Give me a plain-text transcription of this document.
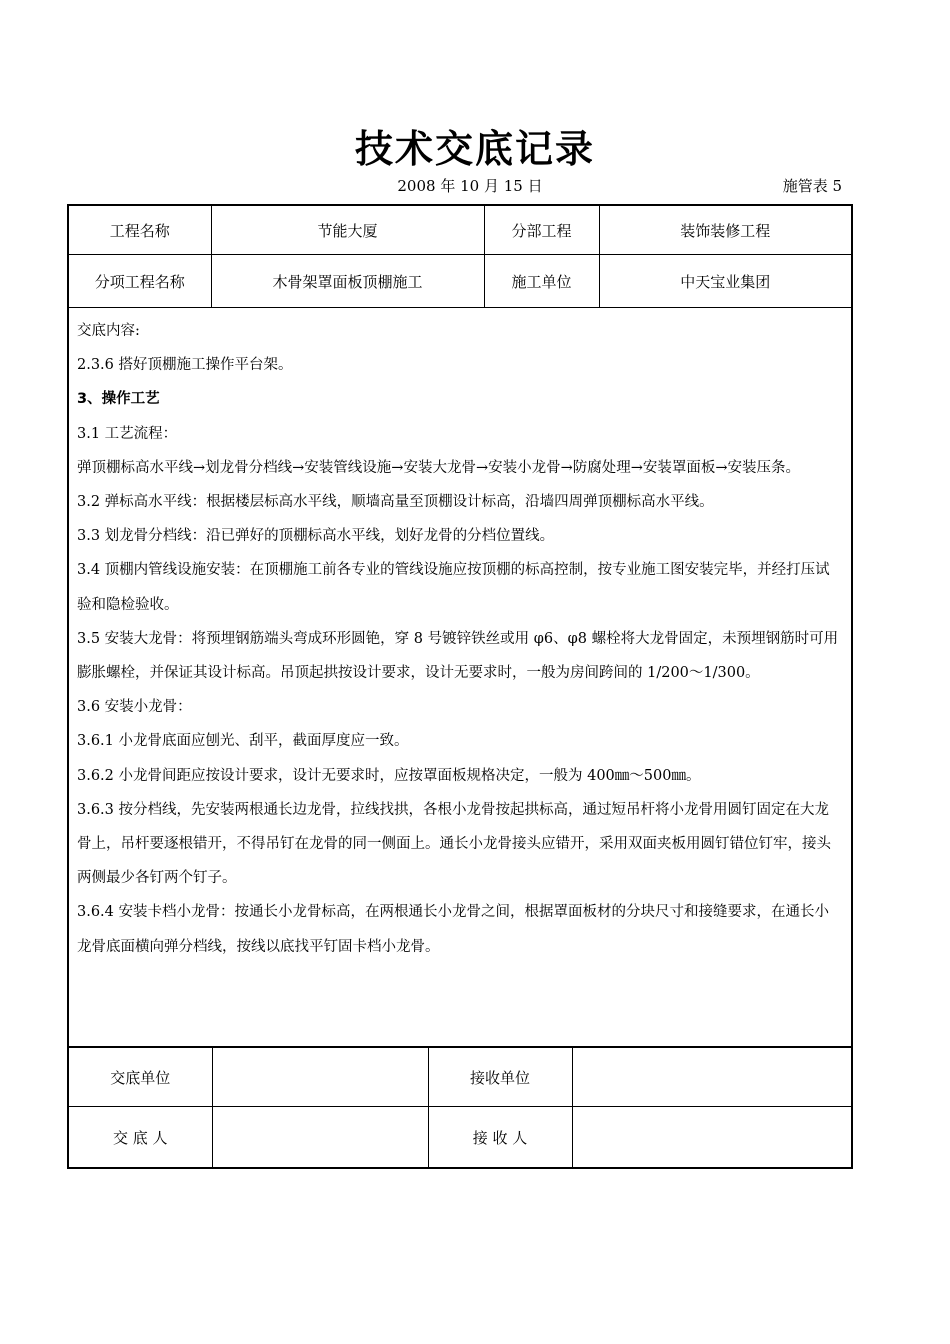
技术交底记录
2008 年 10 月 15 日	施管表 5
工程名称	节能大厦	分部工程	装饰装修工程
分项工程名称	木骨架罩面板顶棚施工	施工单位	中天宝业集团

交底内容:

2.3.6 搭好顶棚施工操作平台架。

3、操作工艺

3.1 工艺流程：

弹顶棚标高水平线→划龙骨分档线→安装管线设施→安装大龙骨→安装小龙骨→防腐处理→安装罩面板→安装压条。

3.2 弹标高水平线：根据楼层标高水平线，顺墙高量至顶棚设计标高，沿墙四周弹顶棚标高水平线。

3.3 划龙骨分档线：沿已弹好的顶棚标高水平线，划好龙骨的分档位置线。

3.4 顶棚内管线设施安装：在顶棚施工前各专业的管线设施应按顶棚的标高控制，按专业施工图安装完毕，并经打压试验和隐检验收。

3.5 安装大龙骨：将预埋钢筋端头弯成环形圆铯，穿 8 号镀锌铁丝或用 φ6、φ8 螺栓将大龙骨固定，未预埋钢筋时可用膨胀螺栓，并保证其设计标高。吊顶起拱按设计要求，设计无要求时，一般为房间跨间的 1/200～1/300。

3.6 安装小龙骨：

3.6.1 小龙骨底面应刨光、刮平，截面厚度应一致。

3.6.2 小龙骨间距应按设计要求，设计无要求时，应按罩面板规格决定，一般为 400㎜～500㎜。

3.6.3 按分档线，先安装两根通长边龙骨，拉线找拱，各根小龙骨按起拱标高，通过短吊杆将小龙骨用圆钉固定在大龙骨上，吊杆要逐根错开，不得吊钉在龙骨的同一侧面上。通长小龙骨接头应错开，采用双面夹板用圆钉错位钉牢，接头两侧最少各钉两个钉子。

3.6.4 安装卡档小龙骨：按通长小龙骨标高，在两根通长小龙骨之间，根据罩面板材的分块尺寸和接缝要求，在通长小龙骨底面横向弹分档线，按线以底找平钉固卡档小龙骨。

交底单位		接收单位	
交 底 人		接 收 人	
